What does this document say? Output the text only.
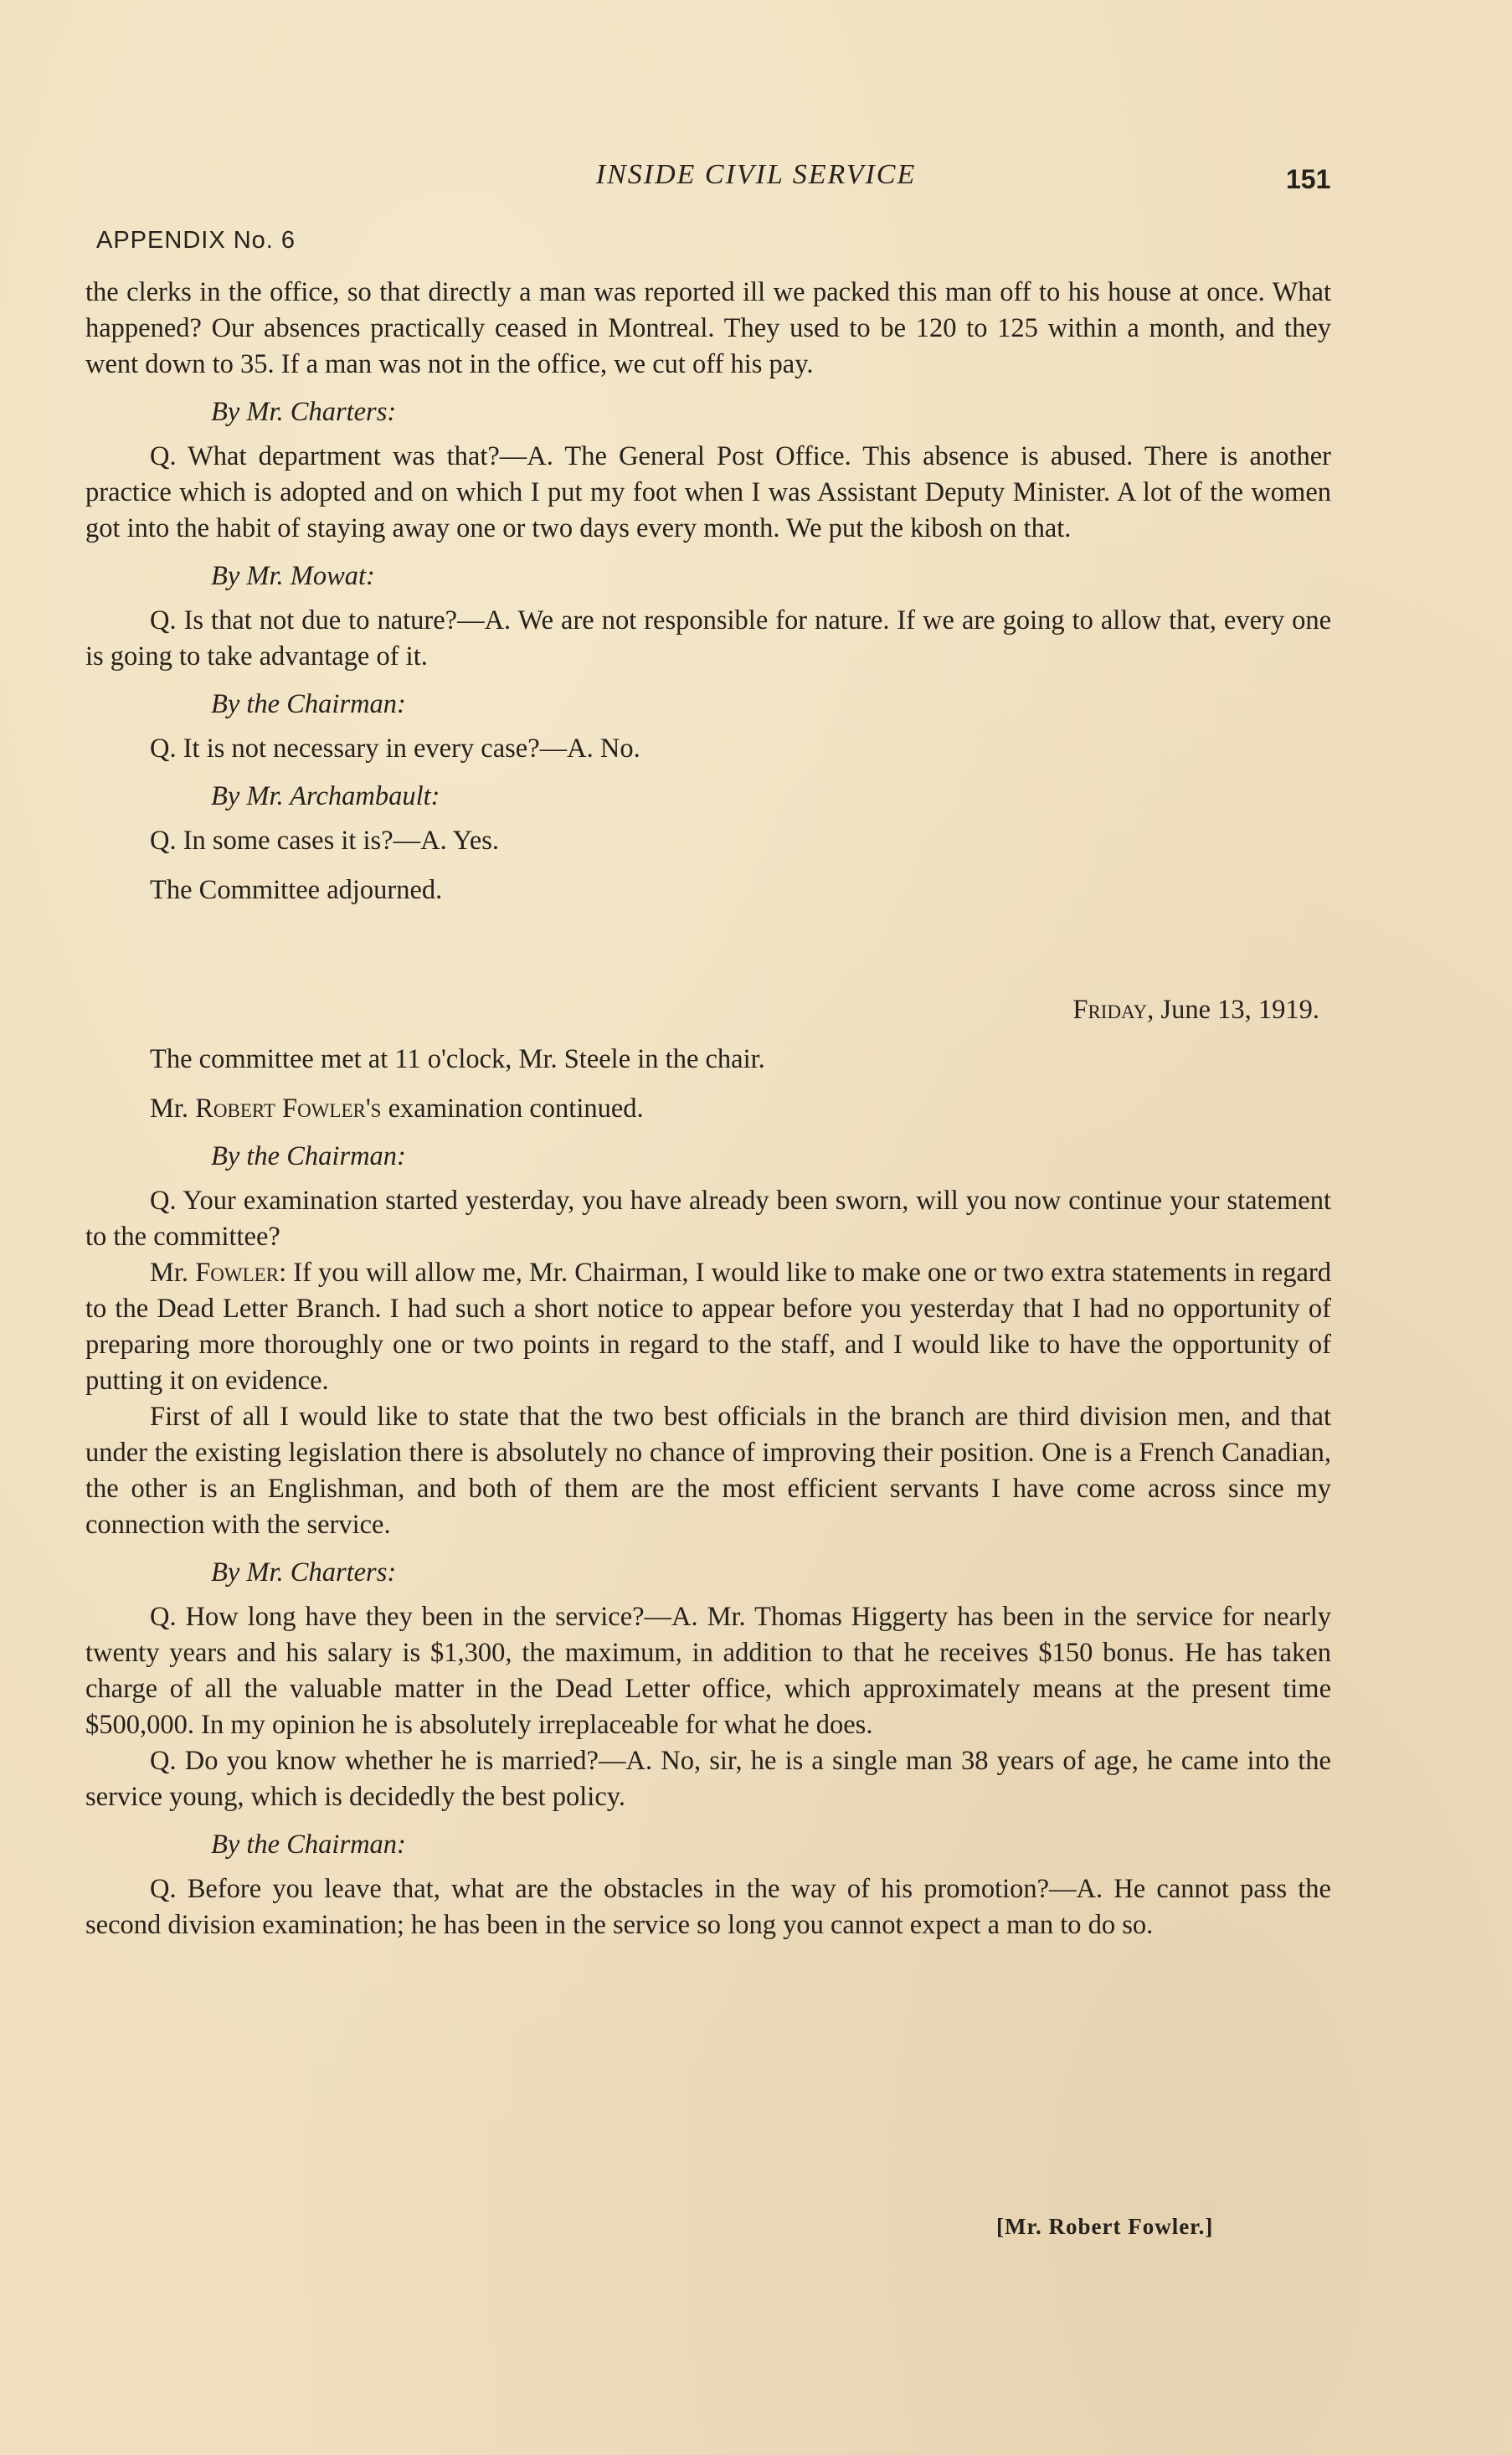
INSIDE CIVIL SERVICE	151
APPENDIX No. 6

the clerks in the office, so that directly a man was reported ill we packed this man off to his house at once. What happened? Our absences practically ceased in Montreal. They used to be 120 to 125 within a month, and they went down to 35. If a man was not in the office, we cut off his pay.

By Mr. Charters:

Q. What department was that?—A. The General Post Office. This absence is abused. There is another practice which is adopted and on which I put my foot when I was Assistant Deputy Minister. A lot of the women got into the habit of staying away one or two days every month. We put the kibosh on that.

By Mr. Mowat:

Q. Is that not due to nature?—A. We are not responsible for nature. If we are going to allow that, every one is going to take advantage of it.

By the Chairman:

Q. It is not necessary in every case?—A. No.

By Mr. Archambault:

Q. In some cases it is?—A. Yes.

The Committee adjourned.

Friday, June 13, 1919.

The committee met at 11 o'clock, Mr. Steele in the chair.

Mr. Robert Fowler's examination continued.

By the Chairman:

Q. Your examination started yesterday, you have already been sworn, will you now continue your statement to the committee?

Mr. Fowler: If you will allow me, Mr. Chairman, I would like to make one or two extra statements in regard to the Dead Letter Branch. I had such a short notice to appear before you yesterday that I had no opportunity of preparing more thoroughly one or two points in regard to the staff, and I would like to have the opportunity of putting it on evidence.

First of all I would like to state that the two best officials in the branch are third division men, and that under the existing legislation there is absolutely no chance of improving their position. One is a French Canadian, the other is an Englishman, and both of them are the most efficient servants I have come across since my connection with the service.

By Mr. Charters:

Q. How long have they been in the service?—A. Mr. Thomas Higgerty has been in the service for nearly twenty years and his salary is $1,300, the maximum, in addition to that he receives $150 bonus. He has taken charge of all the valuable matter in the Dead Letter office, which approximately means at the present time $500,000. In my opinion he is absolutely irreplaceable for what he does.

Q. Do you know whether he is married?—A. No, sir, he is a single man 38 years of age, he came into the service young, which is decidedly the best policy.

By the Chairman:

Q. Before you leave that, what are the obstacles in the way of his promotion?—A. He cannot pass the second division examination; he has been in the service so long you cannot expect a man to do so.

[Mr. Robert Fowler.]
